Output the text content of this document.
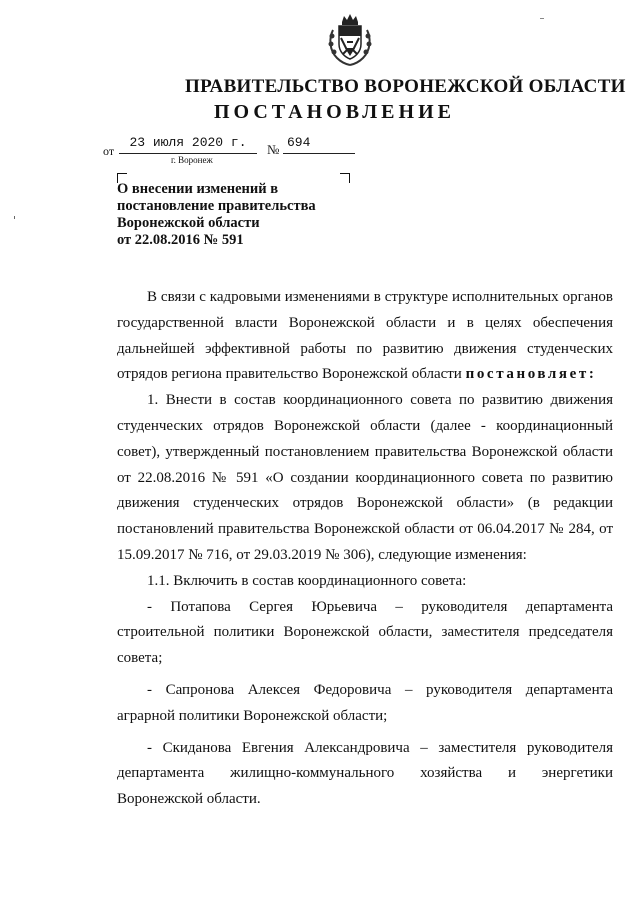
ПРАВИТЕЛЬСТВО ВОРОНЕЖСКОЙ ОБЛАСТИ
ПОСТАНОВЛЕНИЕ
от
23 июля 2020 г.	№ 694
г. Воронеж
О внесении изменений в
постановление правительства
Воронежской области
от 22.08.2016 № 591

В связи с кадровыми изменениями в структуре исполнительных органов государственной власти Воронежской области и в целях обеспечения дальнейшей эффективной работы по развитию движения студенческих отрядов региона правительство Воронежской области постановляет:

1. Внести в состав координационного совета по развитию движения студенческих отрядов Воронежской области (далее - координационный совет), утвержденный постановлением правительства Воронежской области от 22.08.2016 № 591 «О создании координационного совета по развитию движения студенческих отрядов Воронежской области» (в редакции постановлений правительства Воронежской области от 06.04.2017 № 284, от 15.09.2017 № 716, от 29.03.2019 № 306), следующие изменения:

1.1. Включить в состав координационного совета:

- Потапова Сергея Юрьевича – руководителя департамента строительной политики Воронежской области, заместителя председателя совета;

- Сапронова Алексея Федоровича – руководителя департамента аграрной политики Воронежской области;

- Скиданова Евгения Александровича – заместителя руководителя департамента жилищно-коммунального хозяйства и энергетики Воронежской области.
